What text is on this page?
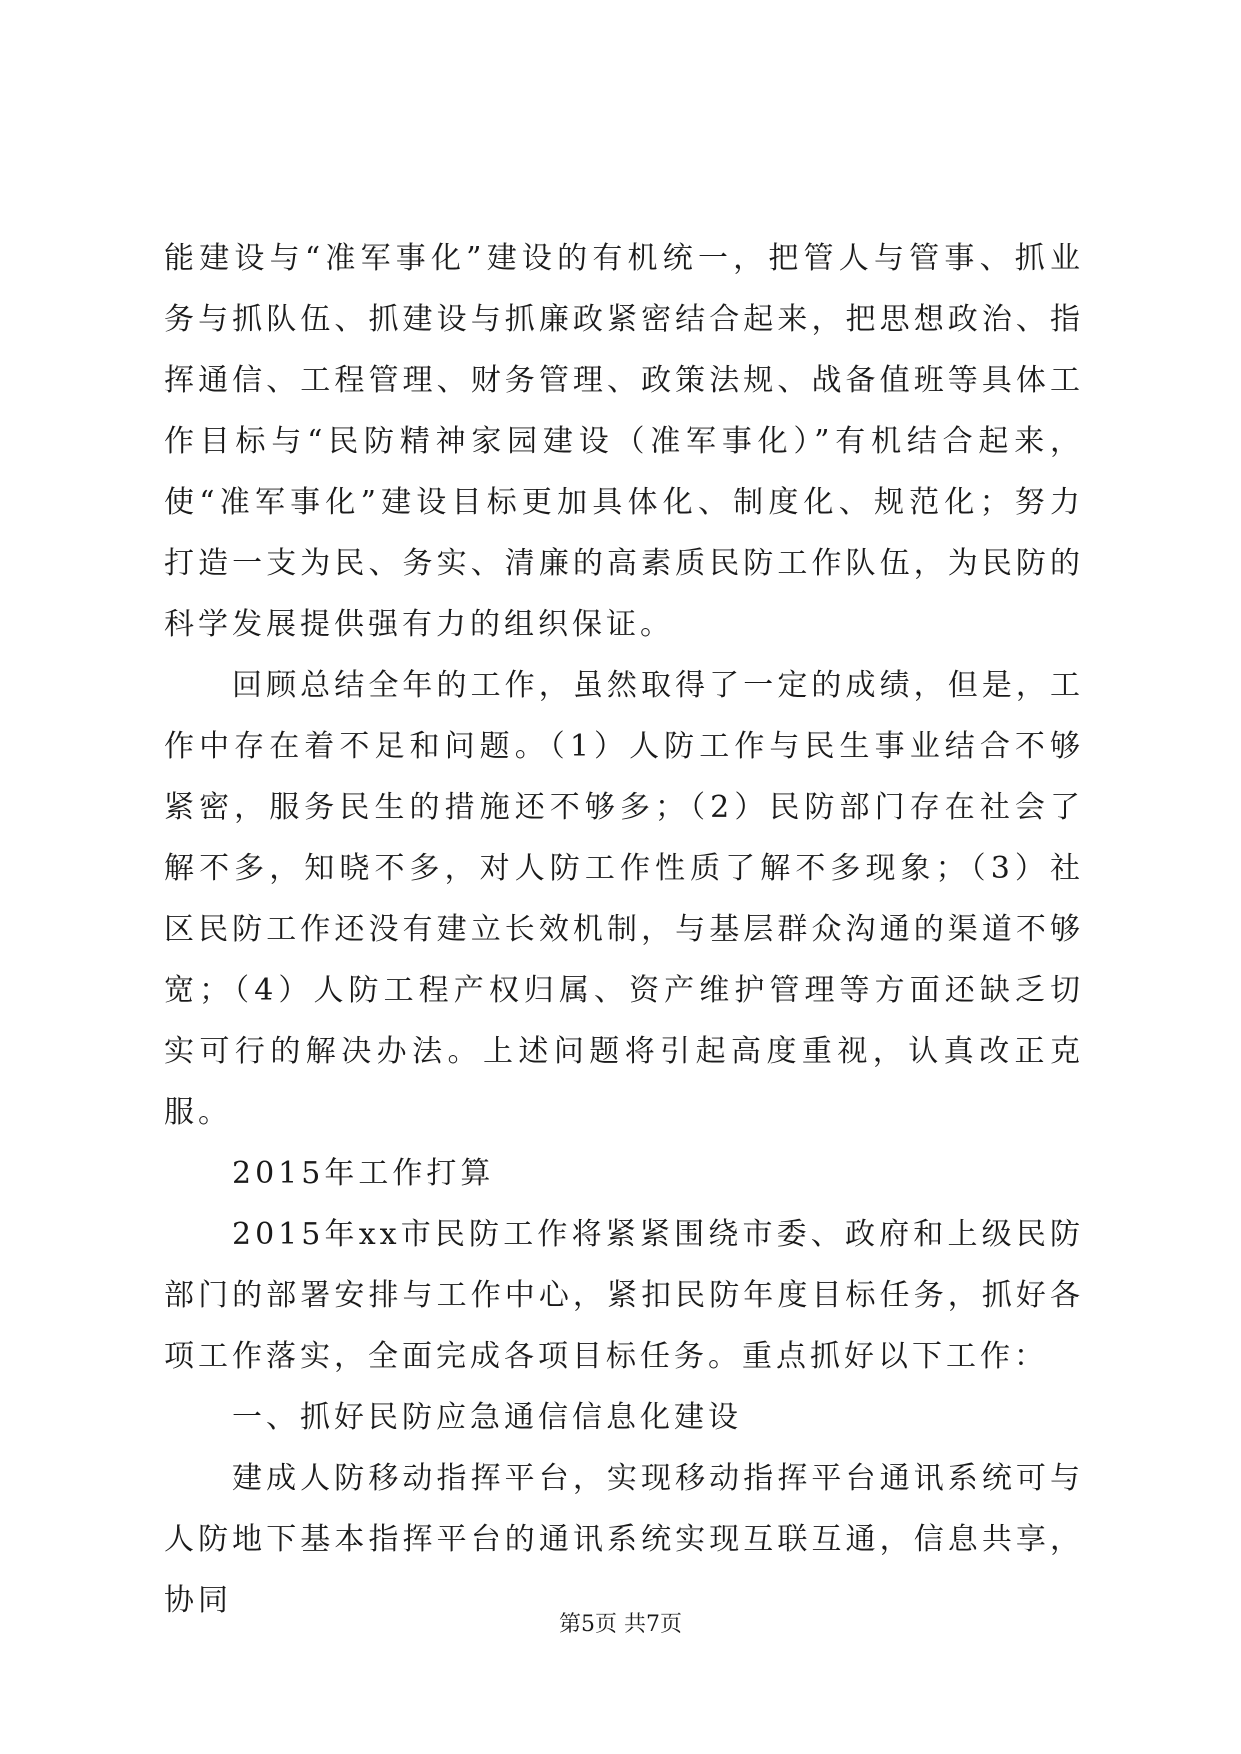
能建设与“准军事化”建设的有机统一，把管人与管事、抓业务与抓队伍、抓建设与抓廉政紧密结合起来，把思想政治、指挥通信、工程管理、财务管理、政策法规、战备值班等具体工作目标与“民防精神家园建设（准军事化）”有机结合起来，使“准军事化”建设目标更加具体化、制度化、规范化；努力打造一支为民、务实、清廉的高素质民防工作队伍，为民防的科学发展提供强有力的组织保证。

回顾总结全年的工作，虽然取得了一定的成绩，但是，工作中存在着不足和问题。（1）人防工作与民生事业结合不够紧密，服务民生的措施还不够多；（2）民防部门存在社会了解不多，知晓不多，对人防工作性质了解不多现象；（3）社区民防工作还没有建立长效机制，与基层群众沟通的渠道不够宽；（4）人防工程产权归属、资产维护管理等方面还缺乏切实可行的解决办法。上述问题将引起高度重视，认真改正克服。

2015年工作打算

2015年xx市民防工作将紧紧围绕市委、政府和上级民防部门的部署安排与工作中心，紧扣民防年度目标任务，抓好各项工作落实，全面完成各项目标任务。重点抓好以下工作：

一、抓好民防应急通信信息化建设

建成人防移动指挥平台，实现移动指挥平台通讯系统可与人防地下基本指挥平台的通讯系统实现互联互通，信息共享，协同

第5页 共7页
